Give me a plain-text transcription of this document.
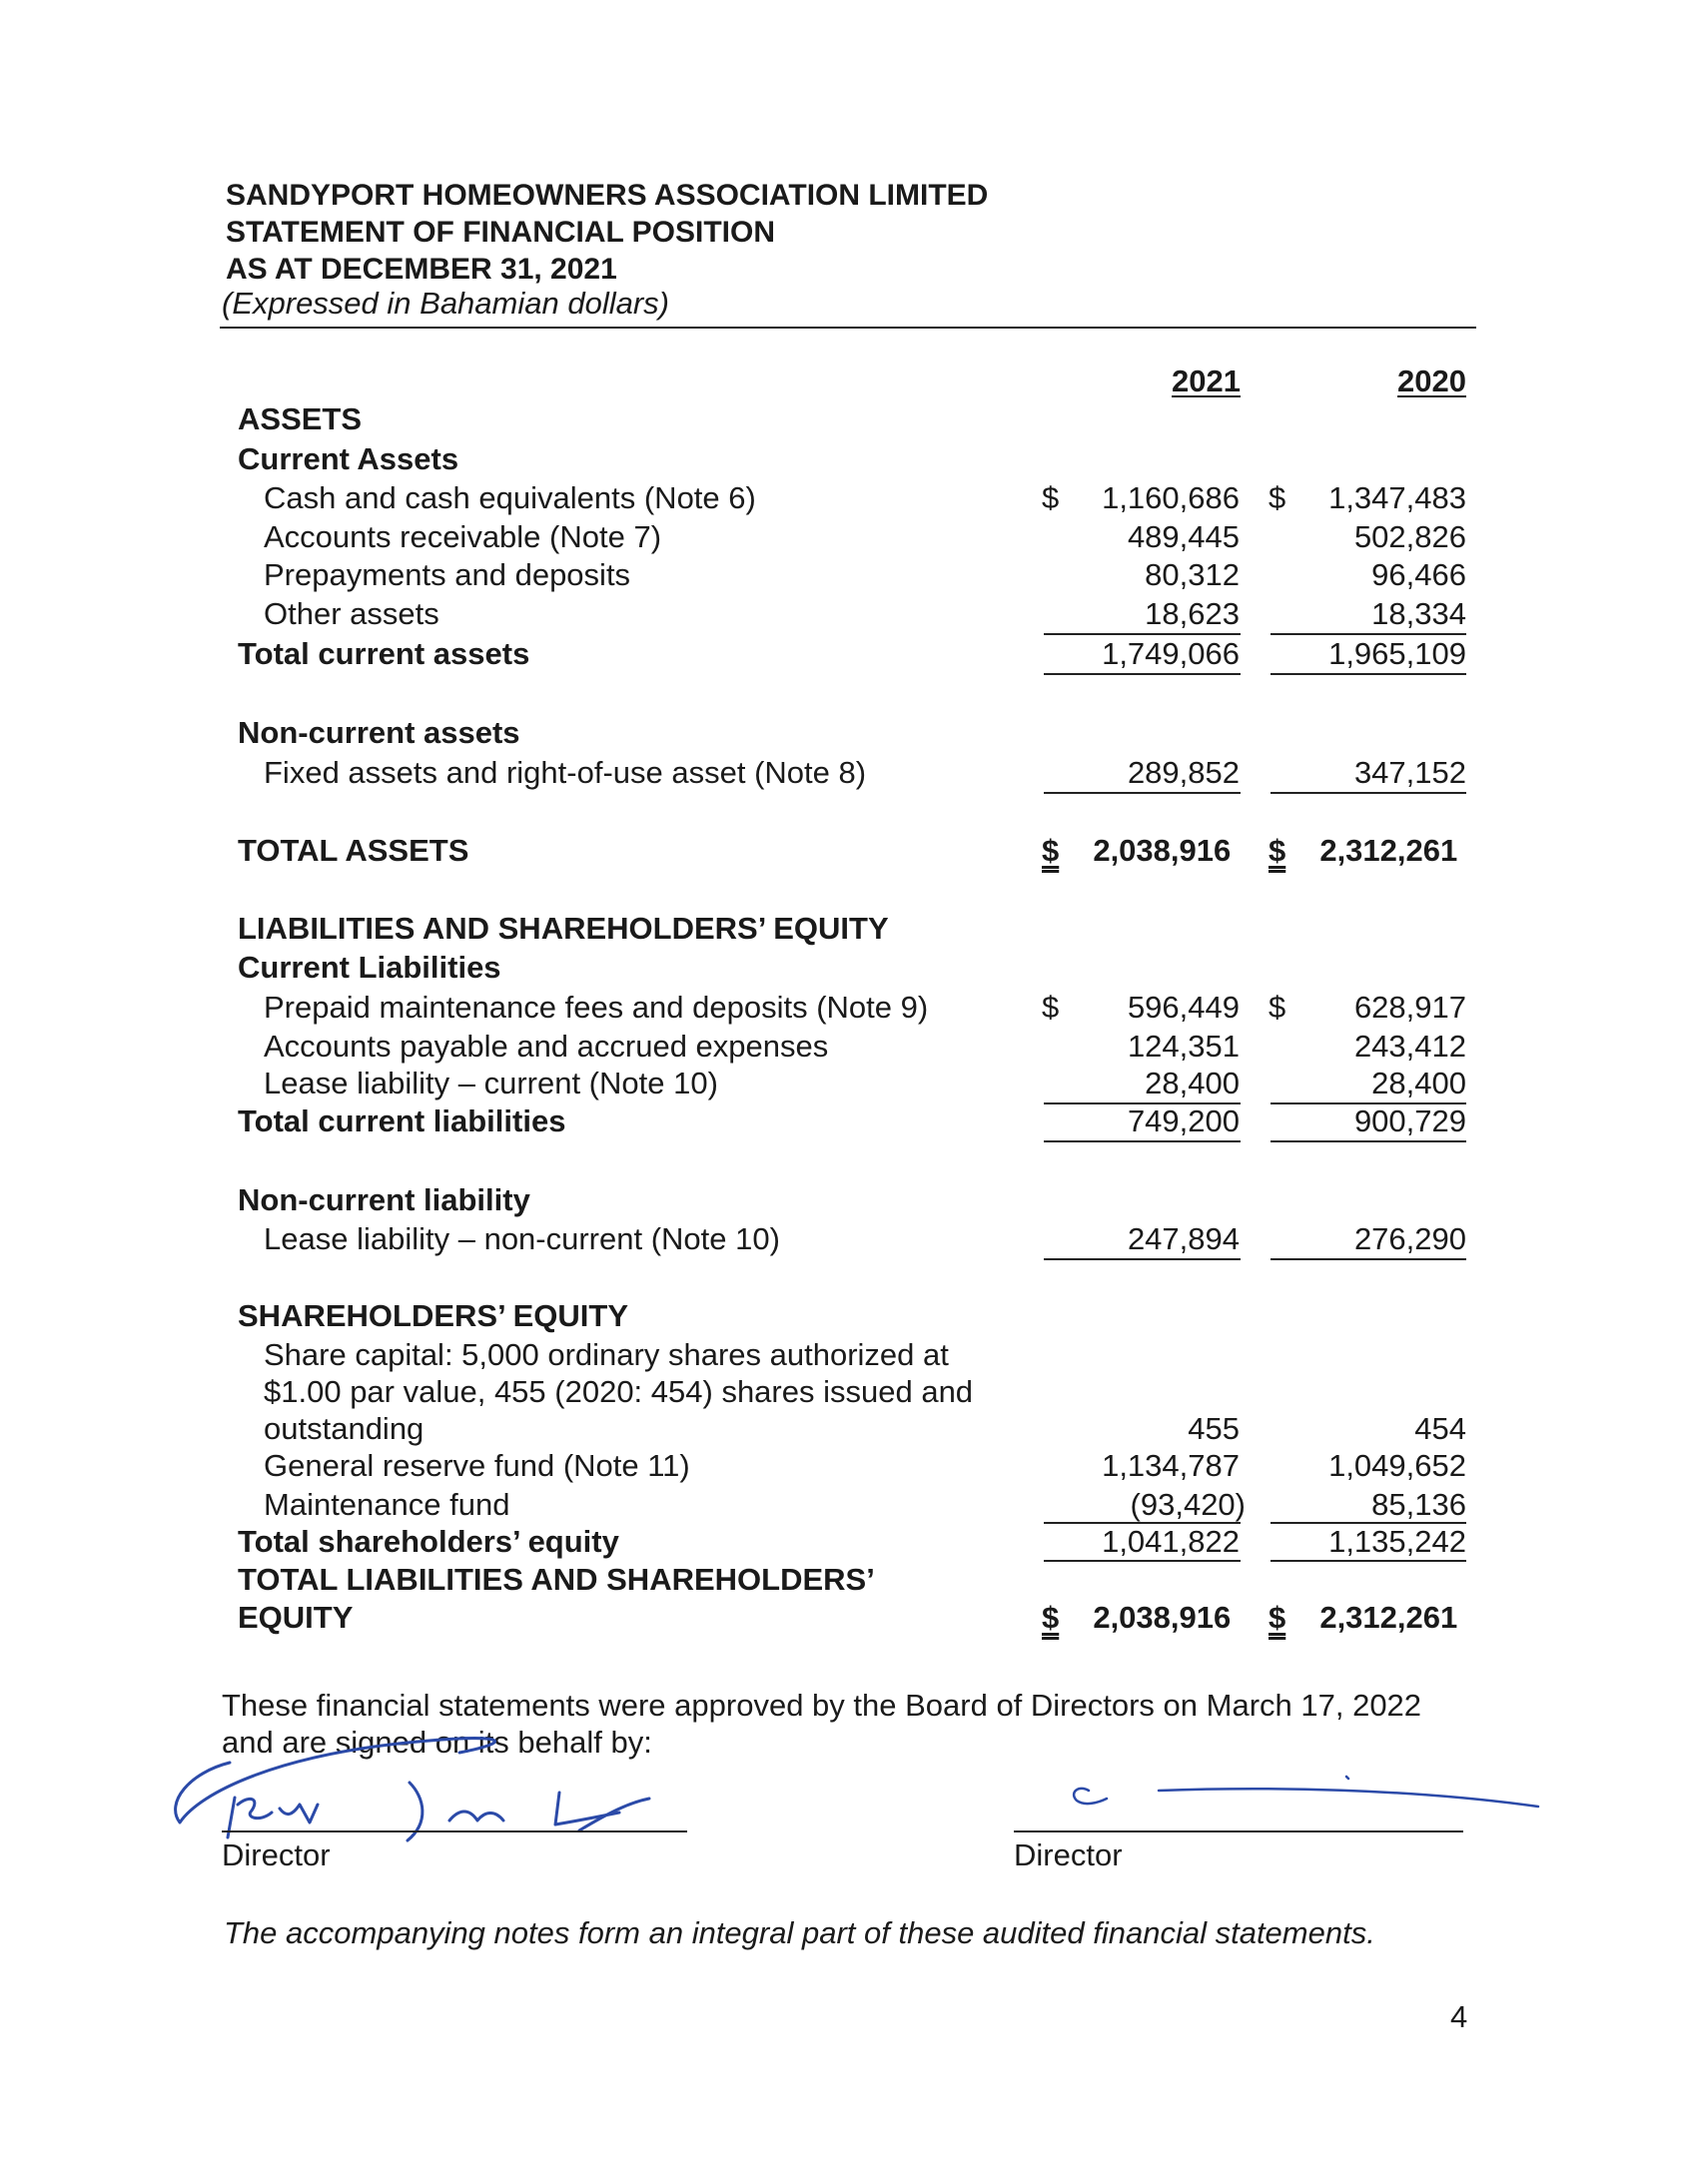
SANDYPORT HOMEOWNERS ASSOCIATION LIMITED
STATEMENT OF FINANCIAL POSITION
AS AT DECEMBER 31, 2021
(Expressed in Bahamian dollars)
2021	2020
ASSETS
Current Assets
Cash and cash equivalents (Note 6)	$	1,160,686 $	1,347,483
Accounts receivable (Note 7)	489,445	502,826
Prepayments and deposits	80,312	96,466
Other assets	18,623	18,334
Total current assets	1,749,066	1,965,109
Non-current assets
Fixed assets and right-of-use asset (Note 8)	289,852	347,152
TOTAL ASSETS	$ 2,038,916	$ 2,312,261
LIABILITIES AND SHAREHOLDERS’ EQUITY
Current Liabilities
Prepaid maintenance fees and deposits (Note 9)	$	596,449 $	628,917
Accounts payable and accrued expenses	124,351	243,412
Lease liability – current (Note 10)	28,400	28,400
Total current liabilities	749,200	900,729
Non-current liability
Lease liability – non-current (Note 10)	247,894	276,290
SHAREHOLDERS’ EQUITY
Share capital: 5,000 ordinary shares authorized at
$1.00 par value, 455 (2020: 454) shares issued and
outstanding	455	454
General reserve fund (Note 11)	1,134,787	1,049,652
Maintenance fund	(93,420)	85,136
Total shareholders’ equity	1,041,822	1,135,242
TOTAL LIABILITIES AND SHAREHOLDERS’
EQUITY	$ 2,038,916	$ 2,312,261
These financial statements were approved by the Board of Directors on March 17, 2022
and are signed on its behalf by:
Director	Director
The accompanying notes form an integral part of these audited financial statements.
4
